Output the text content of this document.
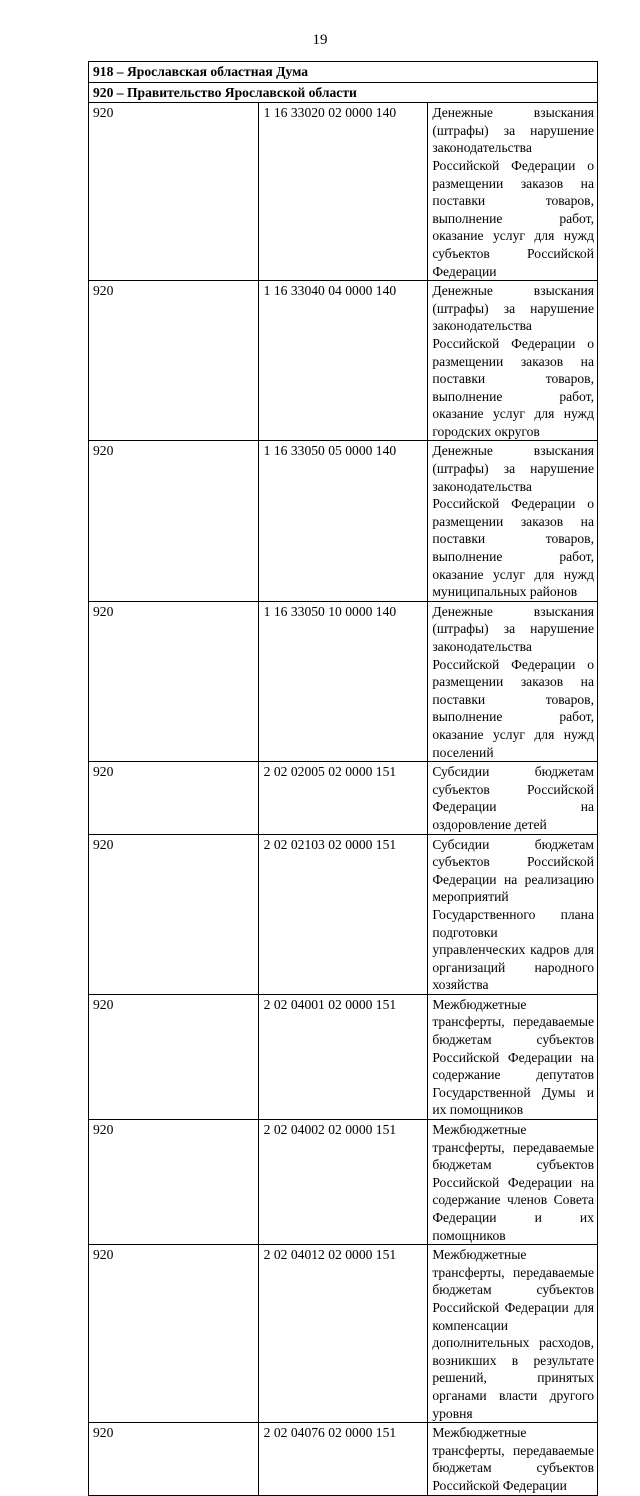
19
918 – Ярославская областная Дума		
920 – Правительство Ярославской области		
920	1 16 33020 02 0000 140	Денежные взыскания (штрафы) за нарушение законодательства Российской Федерации о размещении заказов на поставки товаров, выполнение работ, оказание услуг для нужд субъектов Российской Федерации
920	1 16 33040 04 0000 140	Денежные взыскания (штрафы) за нарушение законодательства Российской Федерации о размещении заказов на поставки товаров, выполнение работ, оказание услуг для нужд городских округов
920	1 16 33050 05 0000 140	Денежные взыскания (штрафы) за нарушение законодательства Российской Федерации о размещении заказов на поставки товаров, выполнение работ, оказание услуг для нужд муниципальных районов
920	1 16 33050 10 0000 140	Денежные взыскания (штрафы) за нарушение законодательства Российской Федерации о размещении заказов на поставки товаров, выполнение работ, оказание услуг для нужд поселений
920	2 02 02005 02 0000 151	Субсидии бюджетам субъектов Российской Федерации на оздоровление детей
920	2 02 02103 02 0000 151	Субсидии бюджетам субъектов Российской Федерации на реализацию мероприятий Государственного плана подготовки управленческих кадров для организаций народного хозяйства
920	2 02 04001 02 0000 151	Межбюджетные трансферты, передаваемые бюджетам субъектов Российской Федерации на содержание депутатов Государственной Думы и их помощников
920	2 02 04002 02 0000 151	Межбюджетные трансферты, передаваемые бюджетам субъектов Российской Федерации на содержание членов Совета Федерации и их помощников
920	2 02 04012 02 0000 151	Межбюджетные трансферты, передаваемые бюджетам субъектов Российской Федерации для компенсации дополнительных расходов, возникших в результате решений, принятых органами власти другого уровня
920	2 02 04076 02 0000 151	Межбюджетные трансферты, передаваемые бюджетам субъектов Российской Федерации
